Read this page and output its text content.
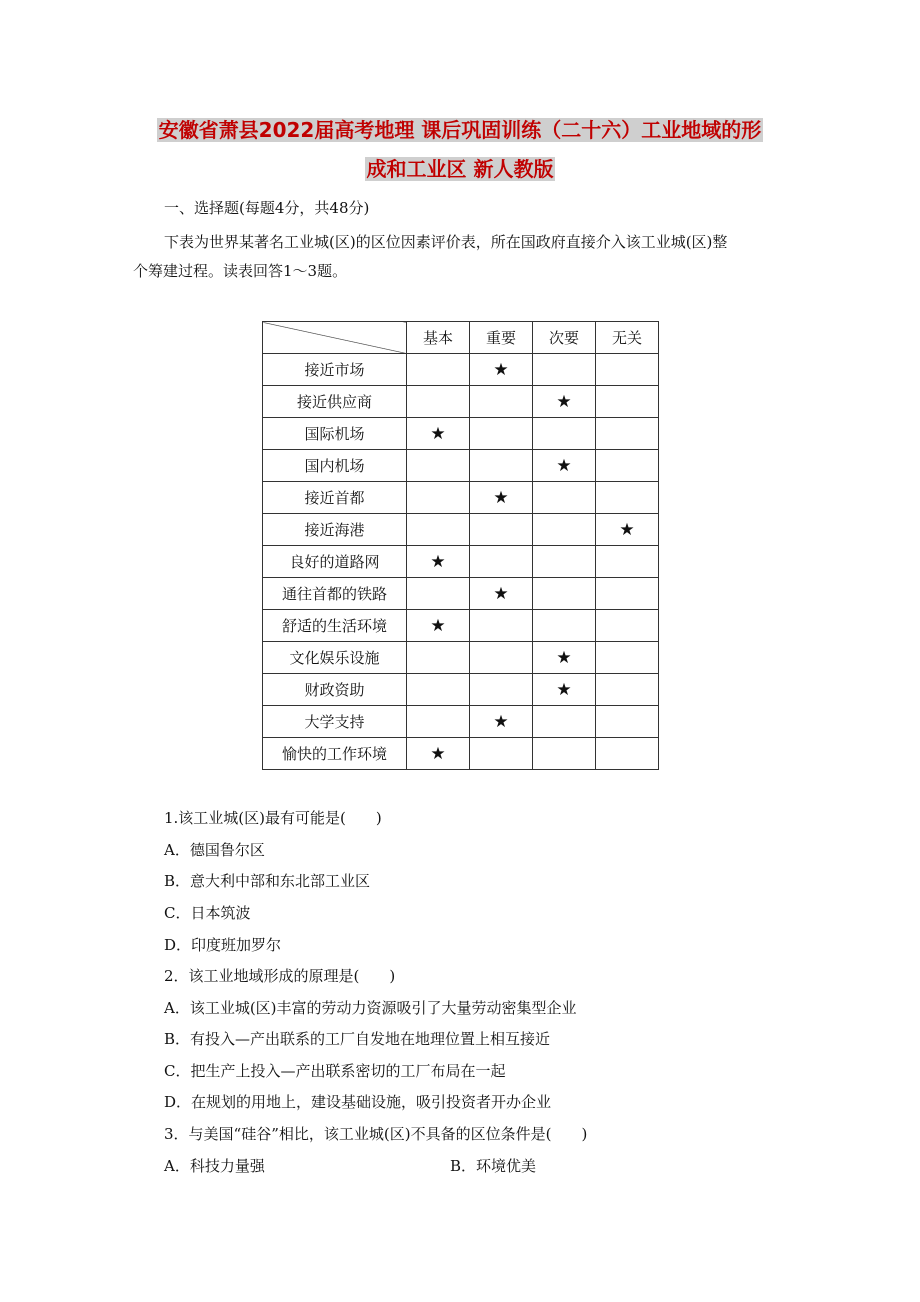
安徽省萧县2022届高考地理 课后巩固训练（二十六）工业地域的形
成和工业区 新人教版
一、选择题(每题4分，共48分)
下表为世界某著名工业城(区)的区位因素评价表，所在国政府直接介入该工业城(区)整
个筹建过程。读表回答1～3题。
	基本	重要	次要	无关
接近市场		★		
接近供应商			★	
国际机场	★			
国内机场			★	
接近首都		★		
接近海港				★
良好的道路网	★			
通往首都的铁路		★		
舒适的生活环境	★			
文化娱乐设施			★	
财政资助			★	
大学支持		★		
愉快的工作环境	★			
1.该工业城(区)最有可能是(　　)
A．德国鲁尔区
B．意大利中部和东北部工业区
C．日本筑波
D．印度班加罗尔
2．该工业地域形成的原理是(　　)
A．该工业城(区)丰富的劳动力资源吸引了大量劳动密集型企业
B．有投入—产出联系的工厂自发地在地理位置上相互接近
C．把生产上投入—产出联系密切的工厂布局在一起
D．在规划的用地上，建设基础设施，吸引投资者开办企业
3．与美国“硅谷”相比，该工业城(区)不具备的区位条件是(　　)
A．科技力量强	B．环境优美
